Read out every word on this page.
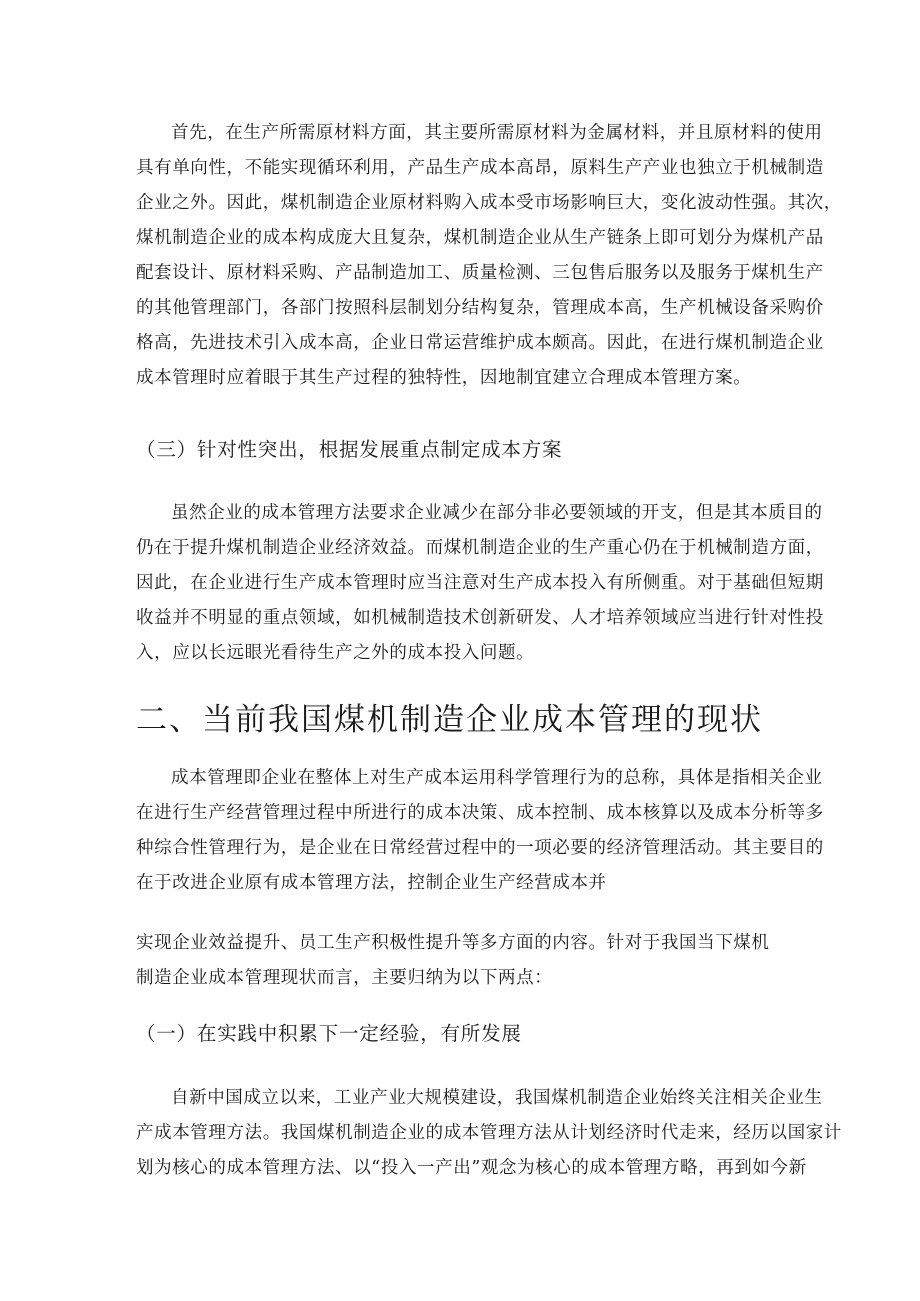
首先，在生产所需原材料方面，其主要所需原材料为金属材料，并且原材料的使用
具有单向性，不能实现循环利用，产品生产成本高昂，原料生产产业也独立于机械制造
企业之外。因此，煤机制造企业原材料购入成本受市场影响巨大，变化波动性强。其次，
煤机制造企业的成本构成庞大且复杂，煤机制造企业从生产链条上即可划分为煤机产品
配套设计、原材料采购、产品制造加工、质量检测、三包售后服务以及服务于煤机生产
的其他管理部门，各部门按照科层制划分结构复杂，管理成本高，生产机械设备采购价
格高，先进技术引入成本高，企业日常运营维护成本颇高。因此，在进行煤机制造企业
成本管理时应着眼于其生产过程的独特性，因地制宜建立合理成本管理方案。
（三）针对性突出，根据发展重点制定成本方案
虽然企业的成本管理方法要求企业减少在部分非必要领域的开支，但是其本质目的
仍在于提升煤机制造企业经济效益。而煤机制造企业的生产重心仍在于机械制造方面，
因此，在企业进行生产成本管理时应当注意对生产成本投入有所侧重。对于基础但短期
收益并不明显的重点领域，如机械制造技术创新研发、人才培养领域应当进行针对性投
入，应以长远眼光看待生产之外的成本投入问题。
二、当前我国煤机制造企业成本管理的现状
成本管理即企业在整体上对生产成本运用科学管理行为的总称，具体是指相关企业
在进行生产经营管理过程中所进行的成本决策、成本控制、成本核算以及成本分析等多
种综合性管理行为，是企业在日常经营过程中的一项必要的经济管理活动。其主要目的
在于改进企业原有成本管理方法，控制企业生产经营成本并
实现企业效益提升、员工生产积极性提升等多方面的内容。针对于我国当下煤机
制造企业成本管理现状而言，主要归纳为以下两点：
（一）在实践中积累下一定经验，有所发展
自新中国成立以来，工业产业大规模建设，我国煤机制造企业始终关注相关企业生
产成本管理方法。我国煤机制造企业的成本管理方法从计划经济时代走来，经历以国家计
划为核心的成本管理方法、以“投入一产出”观念为核心的成本管理方略，再到如今新
